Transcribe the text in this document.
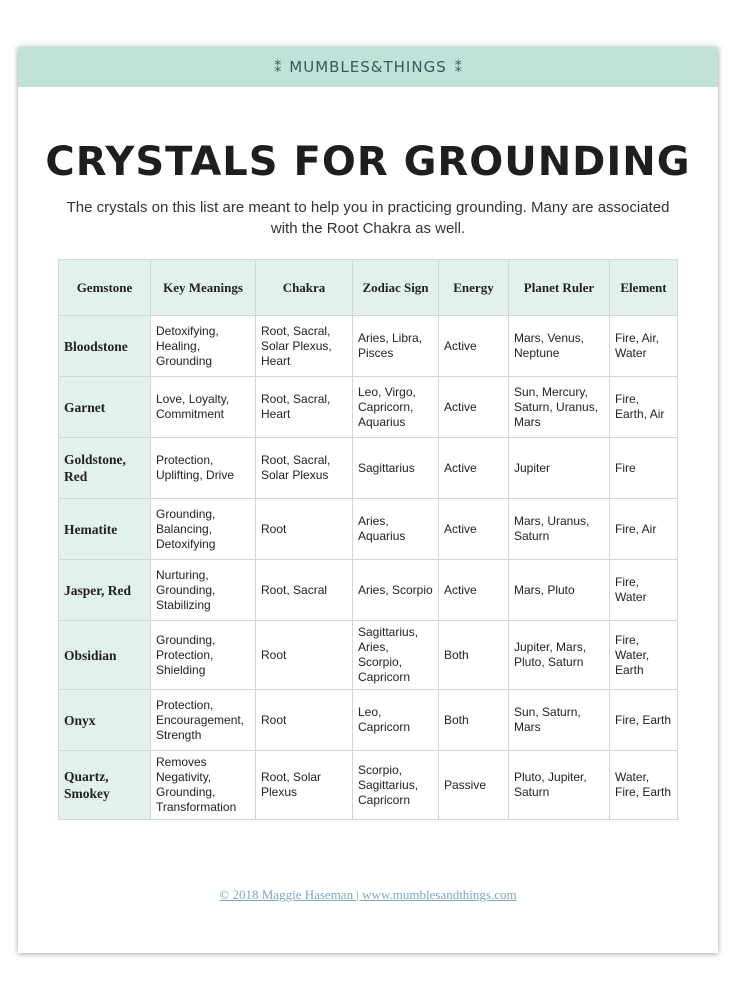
⁑ MUMBLES&THINGS ⁑
CRYSTALS FOR GROUNDING
The crystals on this list are meant to help you in practicing grounding. Many are associated with the Root Chakra as well.
Gemstone	Key Meanings	Chakra	Zodiac Sign	Energy	Planet Ruler	Element
Bloodstone	Detoxifying, Healing, Grounding	Root, Sacral, Solar Plexus, Heart	Aries, Libra, Pisces	Active	Mars, Venus, Neptune	Fire, Air, Water
Garnet	Love, Loyalty, Commitment	Root, Sacral, Heart	Leo, Virgo, Capricorn, Aquarius	Active	Sun, Mercury, Saturn, Uranus, Mars	Fire, Earth, Air
Goldstone, Red	Protection, Uplifting, Drive	Root, Sacral, Solar Plexus	Sagittarius	Active	Jupiter	Fire
Hematite	Grounding, Balancing, Detoxifying	Root	Aries, Aquarius	Active	Mars, Uranus, Saturn	Fire, Air
Jasper, Red	Nurturing, Grounding, Stabilizing	Root, Sacral	Aries, Scorpio	Active	Mars, Pluto	Fire, Water
Obsidian	Grounding, Protection, Shielding	Root	Sagittarius, Aries, Scorpio, Capricorn	Both	Jupiter, Mars, Pluto, Saturn	Fire, Water, Earth
Onyx	Protection, Encouragement, Strength	Root	Leo, Capricorn	Both	Sun, Saturn, Mars	Fire, Earth
Quartz, Smokey	Removes Negativity, Grounding, Transformation	Root, Solar Plexus	Scorpio, Sagittarius, Capricorn	Passive	Pluto, Jupiter, Saturn	Water, Fire, Earth
© 2018 Maggie Haseman | www.mumblesandthings.com
